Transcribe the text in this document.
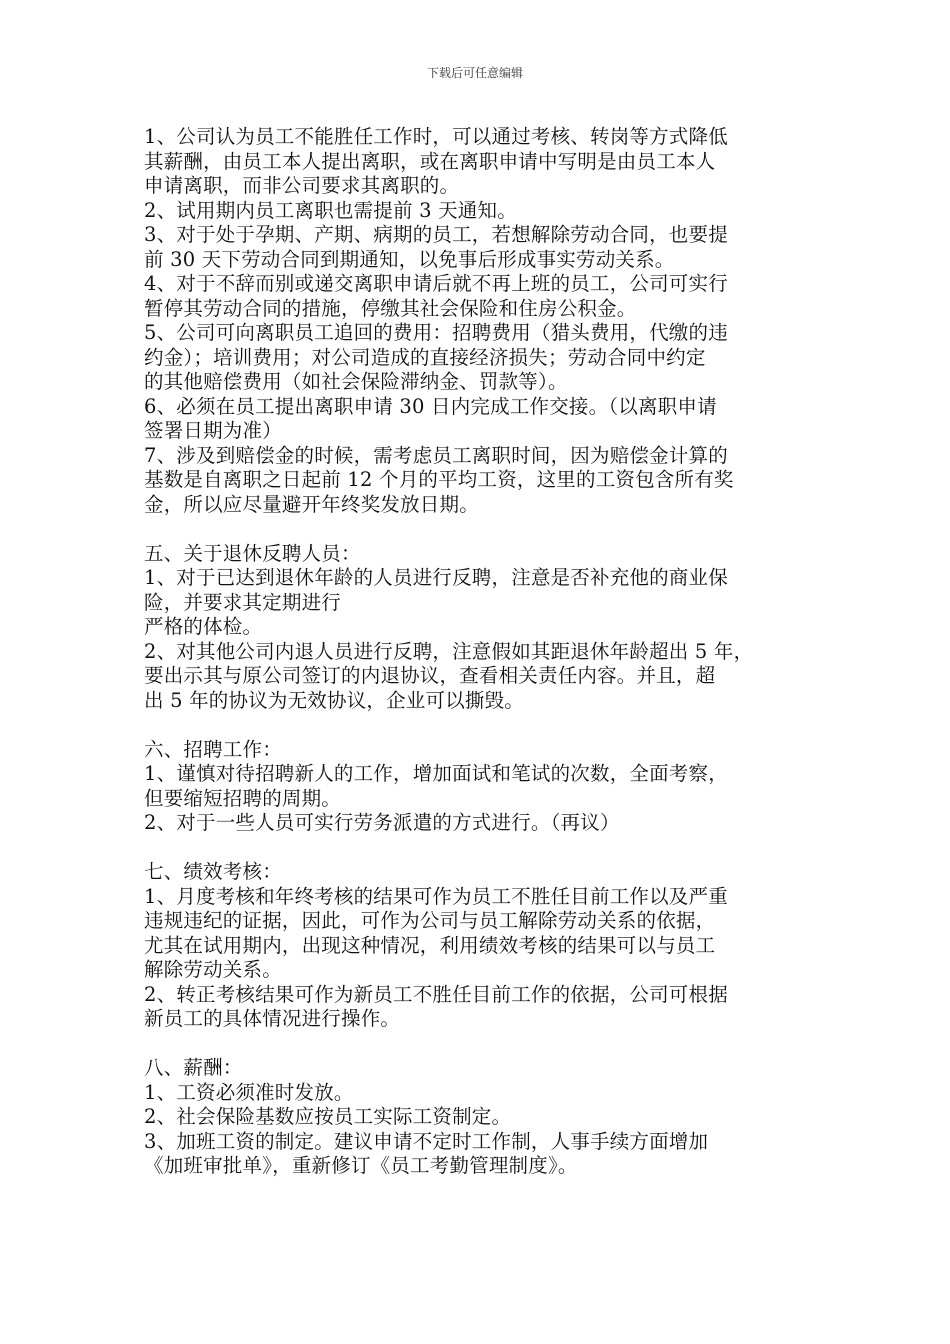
下载后可任意编辑
1、公司认为员工不能胜任工作时，可以通过考核、转岗等方式降低
其薪酬，由员工本人提出离职，或在离职申请中写明是由员工本人
申请离职，而非公司要求其离职的。
2、试用期内员工离职也需提前 3 天通知。
3、对于处于孕期、产期、病期的员工，若想解除劳动合同，也要提
前 30 天下劳动合同到期通知，以免事后形成事实劳动关系。
4、对于不辞而别或递交离职申请后就不再上班的员工，公司可实行
暂停其劳动合同的措施，停缴其社会保险和住房公积金。
5、公司可向离职员工追回的费用：招聘费用（猎头费用，代缴的违
约金）；培训费用；对公司造成的直接经济损失；劳动合同中约定
的其他赔偿费用（如社会保险滞纳金、罚款等）。
6、必须在员工提出离职申请 30 日内完成工作交接。（以离职申请
签署日期为准）
7、涉及到赔偿金的时候，需考虑员工离职时间，因为赔偿金计算的
基数是自离职之日起前 12 个月的平均工资，这里的工资包含所有奖
金，所以应尽量避开年终奖发放日期。
五、关于退休反聘人员：
1、对于已达到退休年龄的人员进行反聘，注意是否补充他的商业保
险，并要求其定期进行
严格的体检。
2、对其他公司内退人员进行反聘，注意假如其距退休年龄超出 5 年，
要出示其与原公司签订的内退协议，查看相关责任内容。并且，超
出 5 年的协议为无效协议，企业可以撕毁。
六、招聘工作：
1、谨慎对待招聘新人的工作，增加面试和笔试的次数，全面考察，
但要缩短招聘的周期。
2、对于一些人员可实行劳务派遣的方式进行。（再议）
七、绩效考核：
1、月度考核和年终考核的结果可作为员工不胜任目前工作以及严重
违规违纪的证据，因此，可作为公司与员工解除劳动关系的依据，
尤其在试用期内，出现这种情况，利用绩效考核的结果可以与员工
解除劳动关系。
2、转正考核结果可作为新员工不胜任目前工作的依据，公司可根据
新员工的具体情况进行操作。
八、薪酬：
1、工资必须准时发放。
2、社会保险基数应按员工实际工资制定。
3、加班工资的制定。建议申请不定时工作制，人事手续方面增加
《加班审批单》，重新修订《员工考勤管理制度》。
